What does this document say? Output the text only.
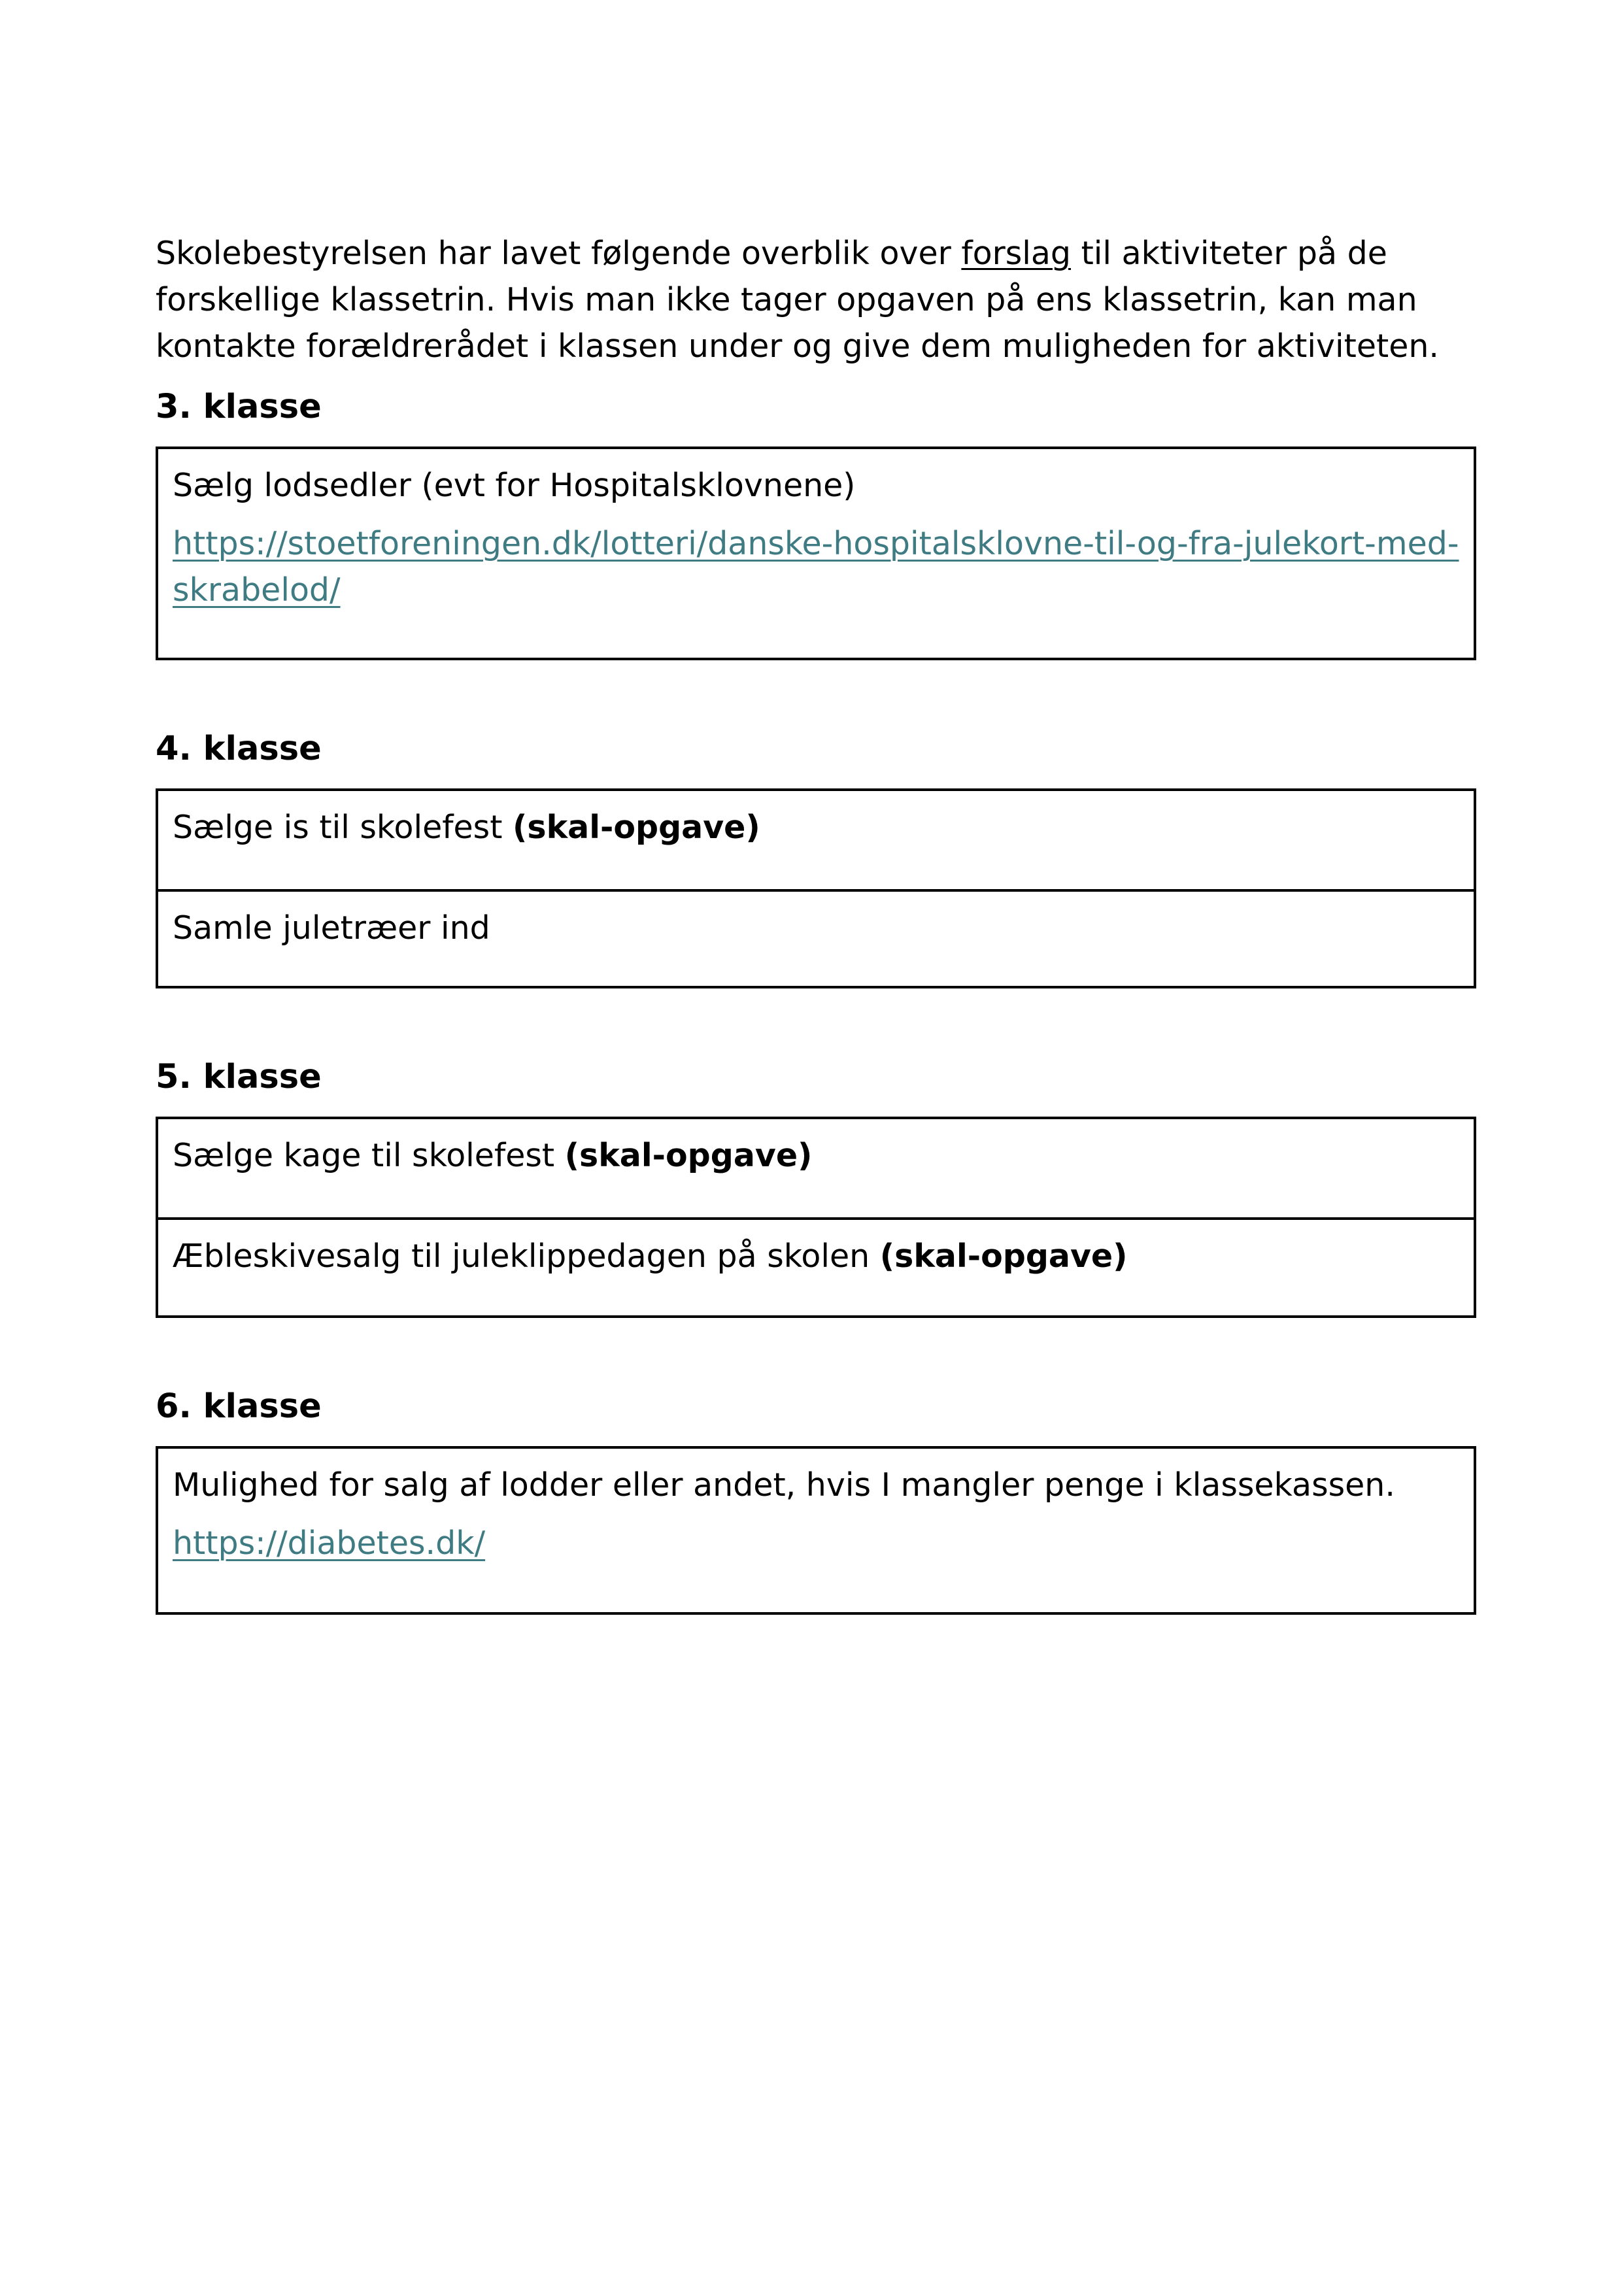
Skolebestyrelsen har lavet følgende overblik over forslag til aktiviteter på de forskellige klassetrin. Hvis man ikke tager opgaven på ens klassetrin, kan man kontakte forældrerådet i klassen under og give dem muligheden for aktiviteten.

3. klasse

Sælg lodsedler (evt for Hospitalsklovnene)

https://stoetforeningen.dk/lotteri/danske-hospitalsklovne-til-og-fra-julekort-med-skrabelod/
4. klasse

Sælge is til skolefest (skal-opgave)

Samle juletræer ind

5. klasse

Sælge kage til skolefest (skal-opgave)

Æbleskivesalg til juleklippedagen på skolen (skal-opgave)

6. klasse

Mulighed for salg af lodder eller andet, hvis I mangler penge i klassekassen.

https://diabetes.dk/
